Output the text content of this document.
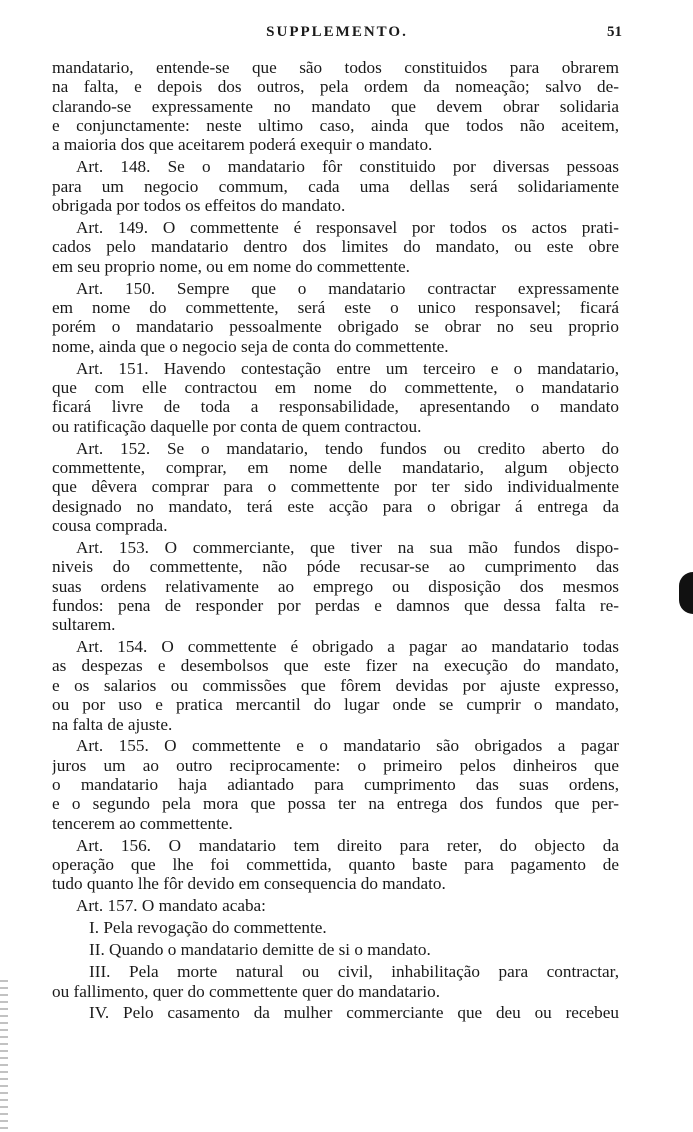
SUPPLEMENTO.	51
mandatario, entende-se que são todos constituidos para obrarem
na falta, e depois dos outros, pela ordem da nomeação; salvo de-
clarando-se expressamente no mandato que devem obrar solidaria
e conjunctamente: neste ultimo caso, ainda que todos não aceitem,
a maioria dos que aceitarem poderá exequir o mandato.
Art. 148. Se o mandatario fôr constituido por diversas pessoas
para um negocio commum, cada uma dellas será solidariamente
obrigada por todos os effeitos do mandato.
Art. 149. O commettente é responsavel por todos os actos prati-
cados pelo mandatario dentro dos limites do mandato, ou este obre
em seu proprio nome, ou em nome do commettente.
Art. 150. Sempre que o mandatario contractar expressamente
em nome do commettente, será este o unico responsavel; ficará
porém o mandatario pessoalmente obrigado se obrar no seu proprio
nome, ainda que o negocio seja de conta do commettente.
Art. 151. Havendo contestação entre um terceiro e o mandatario,
que com elle contractou em nome do commettente, o mandatario
ficará livre de toda a responsabilidade, apresentando o mandato
ou ratificação daquelle por conta de quem contractou.
Art. 152. Se o mandatario, tendo fundos ou credito aberto do
commettente, comprar, em nome delle mandatario, algum objecto
que dêvera comprar para o commettente por ter sido individualmente
designado no mandato, terá este acção para o obrigar á entrega da
cousa comprada.
Art. 153. O commerciante, que tiver na sua mão fundos dispo-
niveis do commettente, não póde recusar-se ao cumprimento das
suas ordens relativamente ao emprego ou disposição dos mesmos
fundos: pena de responder por perdas e damnos que dessa falta re-
sultarem.
Art. 154. O commettente é obrigado a pagar ao mandatario todas
as despezas e desembolsos que este fizer na execução do mandato,
e os salarios ou commissões que fôrem devidas por ajuste expresso,
ou por uso e pratica mercantil do lugar onde se cumprir o mandato,
na falta de ajuste.
Art. 155. O commettente e o mandatario são obrigados a pagar
juros um ao outro reciprocamente: o primeiro pelos dinheiros que
o mandatario haja adiantado para cumprimento das suas ordens,
e o segundo pela mora que possa ter na entrega dos fundos que per-
tencerem ao commettente.
Art. 156. O mandatario tem direito para reter, do objecto da
operação que lhe foi commettida, quanto baste para pagamento de
tudo quanto lhe fôr devido em consequencia do mandato.
Art. 157. O mandato acaba:
I. Pela revogação do commettente.
II. Quando o mandatario demitte de si o mandato.
III. Pela morte natural ou civil, inhabilitação para contractar,
ou fallimento, quer do commettente quer do mandatario.
IV. Pelo casamento da mulher commerciante que deu ou recebeu
